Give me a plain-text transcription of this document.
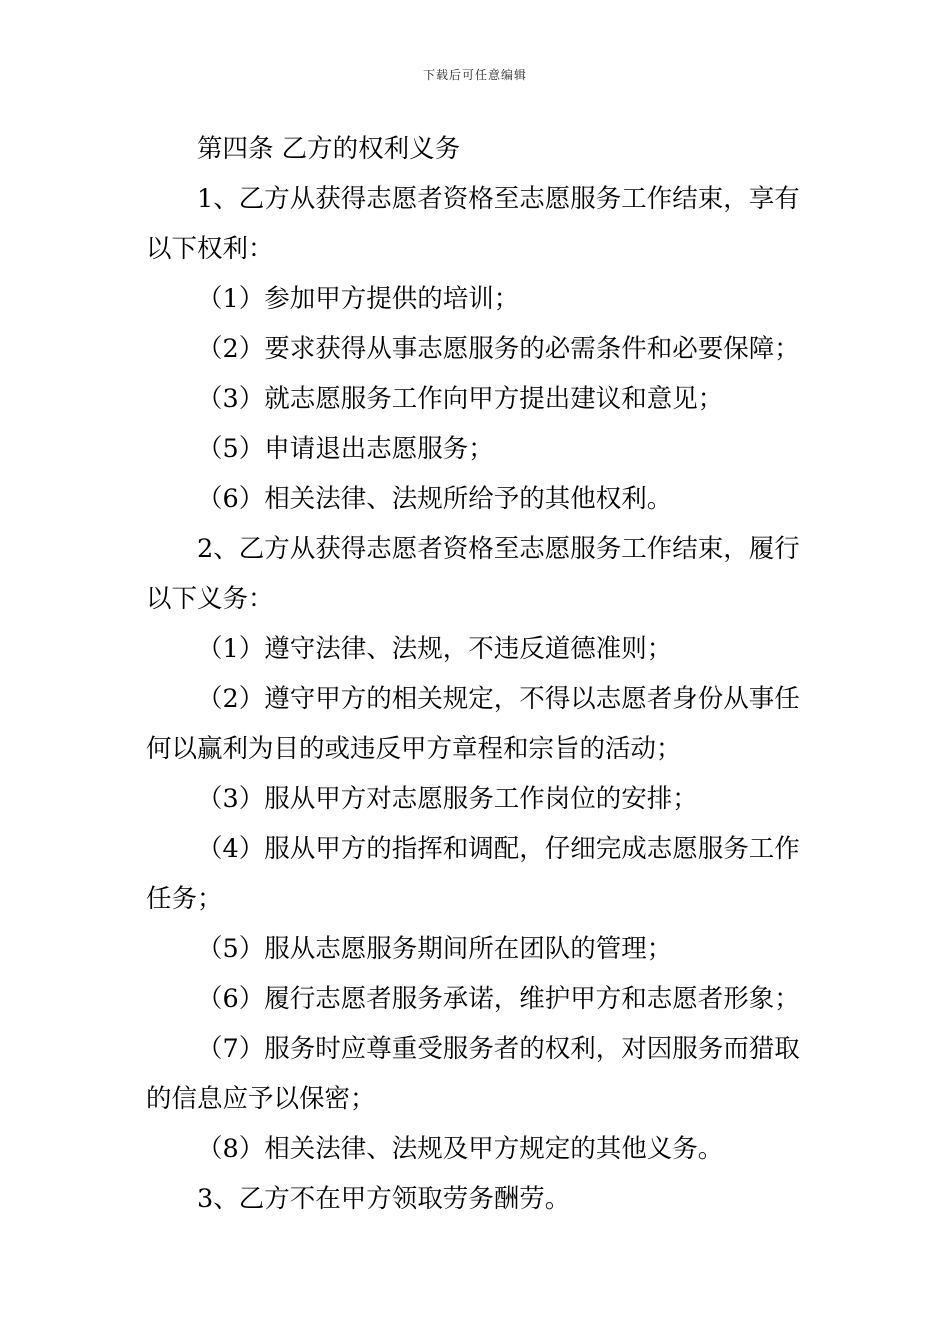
下载后可任意编辑

第四条 乙方的权利义务

1、乙方从获得志愿者资格至志愿服务工作结束，享有以下权利：

（1）参加甲方提供的培训；

（2）要求获得从事志愿服务的必需条件和必要保障；

（3）就志愿服务工作向甲方提出建议和意见；

（5）申请退出志愿服务；

（6）相关法律、法规所给予的其他权利。

2、乙方从获得志愿者资格至志愿服务工作结束，履行以下义务：

（1）遵守法律、法规，不违反道德准则；

（2）遵守甲方的相关规定，不得以志愿者身份从事任何以赢利为目的或违反甲方章程和宗旨的活动；

（3）服从甲方对志愿服务工作岗位的安排；

（4）服从甲方的指挥和调配，仔细完成志愿服务工作任务；

（5）服从志愿服务期间所在团队的管理；

（6）履行志愿者服务承诺，维护甲方和志愿者形象；

（7）服务时应尊重受服务者的权利，对因服务而猎取的信息应予以保密；

（8）相关法律、法规及甲方规定的其他义务。

3、乙方不在甲方领取劳务酬劳。
